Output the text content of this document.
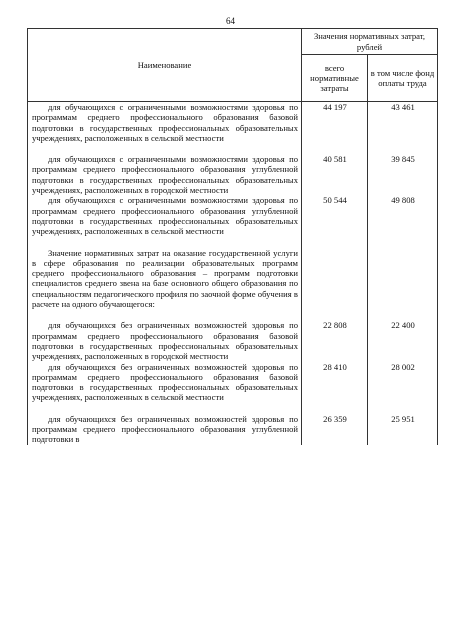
64
Наименование	Значения нормативных затрат, рублей	
	всего нормативные затраты	в том числе фонд оплаты труда
для обучающихся с ограниченными возможностями здоровья по программам среднего профессионального образования базовой подготовки в государственных профессиональных образовательных учреждениях, расположенных в сельской местности	44 197	43 461

для обучающихся с ограниченными возможностями здоровья по программам среднего профессионального образования углубленной подготовки в государственных профессиональных образовательных учреждениях, расположенных в городской местности	40 581	39 845
для обучающихся с ограниченными возможностями здоровья по программам среднего профессионального образования углубленной подготовки в государственных профессиональных образовательных учреждениях, расположенных в сельской местности	50 544	49 808

Значение нормативных затрат на оказание государственной услуги в сфере образования по реализации образовательных программ среднего профессионального образования – программ подготовки специалистов среднего звена на базе основного общего образования по специальностям педагогического профиля по заочной форме обучения в расчете на одного обучающегося:		

для обучающихся без ограниченных возможностей здоровья по программам среднего профессионального образования базовой подготовки в государственных профессиональных образовательных учреждениях, расположенных в городской местности	22 808	22 400
для обучающихся без ограниченных возможностей здоровья по программам среднего профессионального образования базовой подготовки в государственных профессиональных образовательных учреждениях, расположенных в сельской местности	28 410	28 002

для обучающихся без ограниченных возможностей здоровья по программам среднего профессионального образования углубленной подготовки в	26 359	25 951
